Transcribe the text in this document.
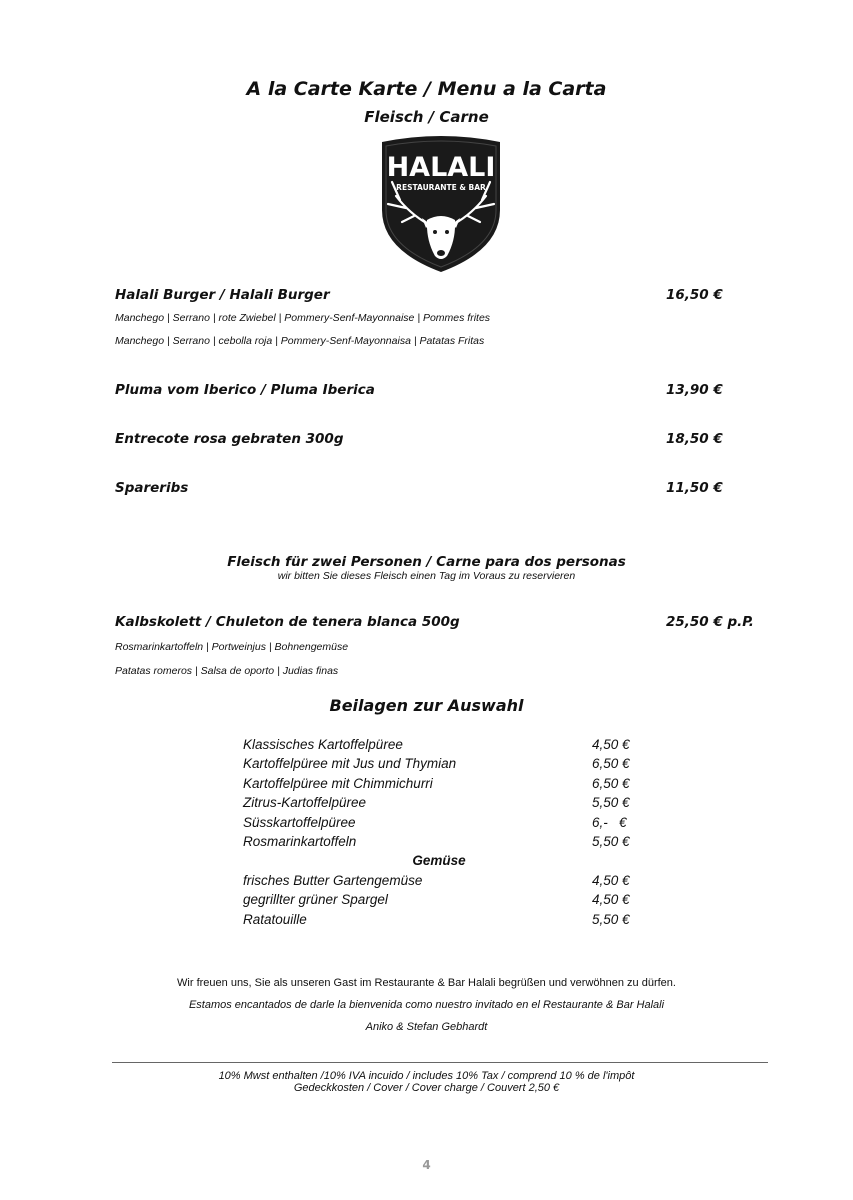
A la Carte Karte / Menu a la Carta
Fleisch / Carne
HALALI
RESTAURANTE & BAR
Halali Burger / Halali Burger	16,50 €
Manchego | Serrano | rote Zwiebel | Pommery-Senf-Mayonnaise | Pommes frites
Manchego | Serrano | cebolla roja | Pommery-Senf-Mayonnaisa | Patatas Fritas
Pluma vom Iberico / Pluma Iberica	13,90 €
Entrecote rosa gebraten 300g	18,50 €
Spareribs	11,50 €
Fleisch für zwei Personen / Carne para dos personas
wir bitten Sie dieses Fleisch einen Tag im Voraus zu reservieren
Kalbskolett / Chuleton de tenera blanca 500g	25,50 € p.P.
Rosmarinkartoffeln | Portweinjus | Bohnengemüse
Patatas romeros | Salsa de oporto | Judias finas
Beilagen zur Auswahl
Klassisches Kartoffelpüree	4,50 €
Kartoffelpüree mit Jus und Thymian	6,50 €
Kartoffelpüree mit Chimmichurri	6,50 €
Zitrus-Kartoffelpüree	5,50 €
Süsskartoffelpüree	6,-   €
Rosmarinkartoffeln	5,50 €
Gemüse
frisches Butter Gartengemüse	4,50 €
gegrillter grüner Spargel	4,50 €
Ratatouille	5,50 €
Wir freuen uns, Sie als unseren Gast im Restaurante & Bar Halali begrüßen und verwöhnen zu dürfen.
Estamos encantados de darle la bienvenida como nuestro invitado en el Restaurante & Bar Halali
Aniko & Stefan Gebhardt
10% Mwst enthalten /10% IVA incuido / includes 10% Tax / comprend 10 % de l'impôt
Gedeckkosten / Cover / Cover charge / Couvert 2,50 €
4
